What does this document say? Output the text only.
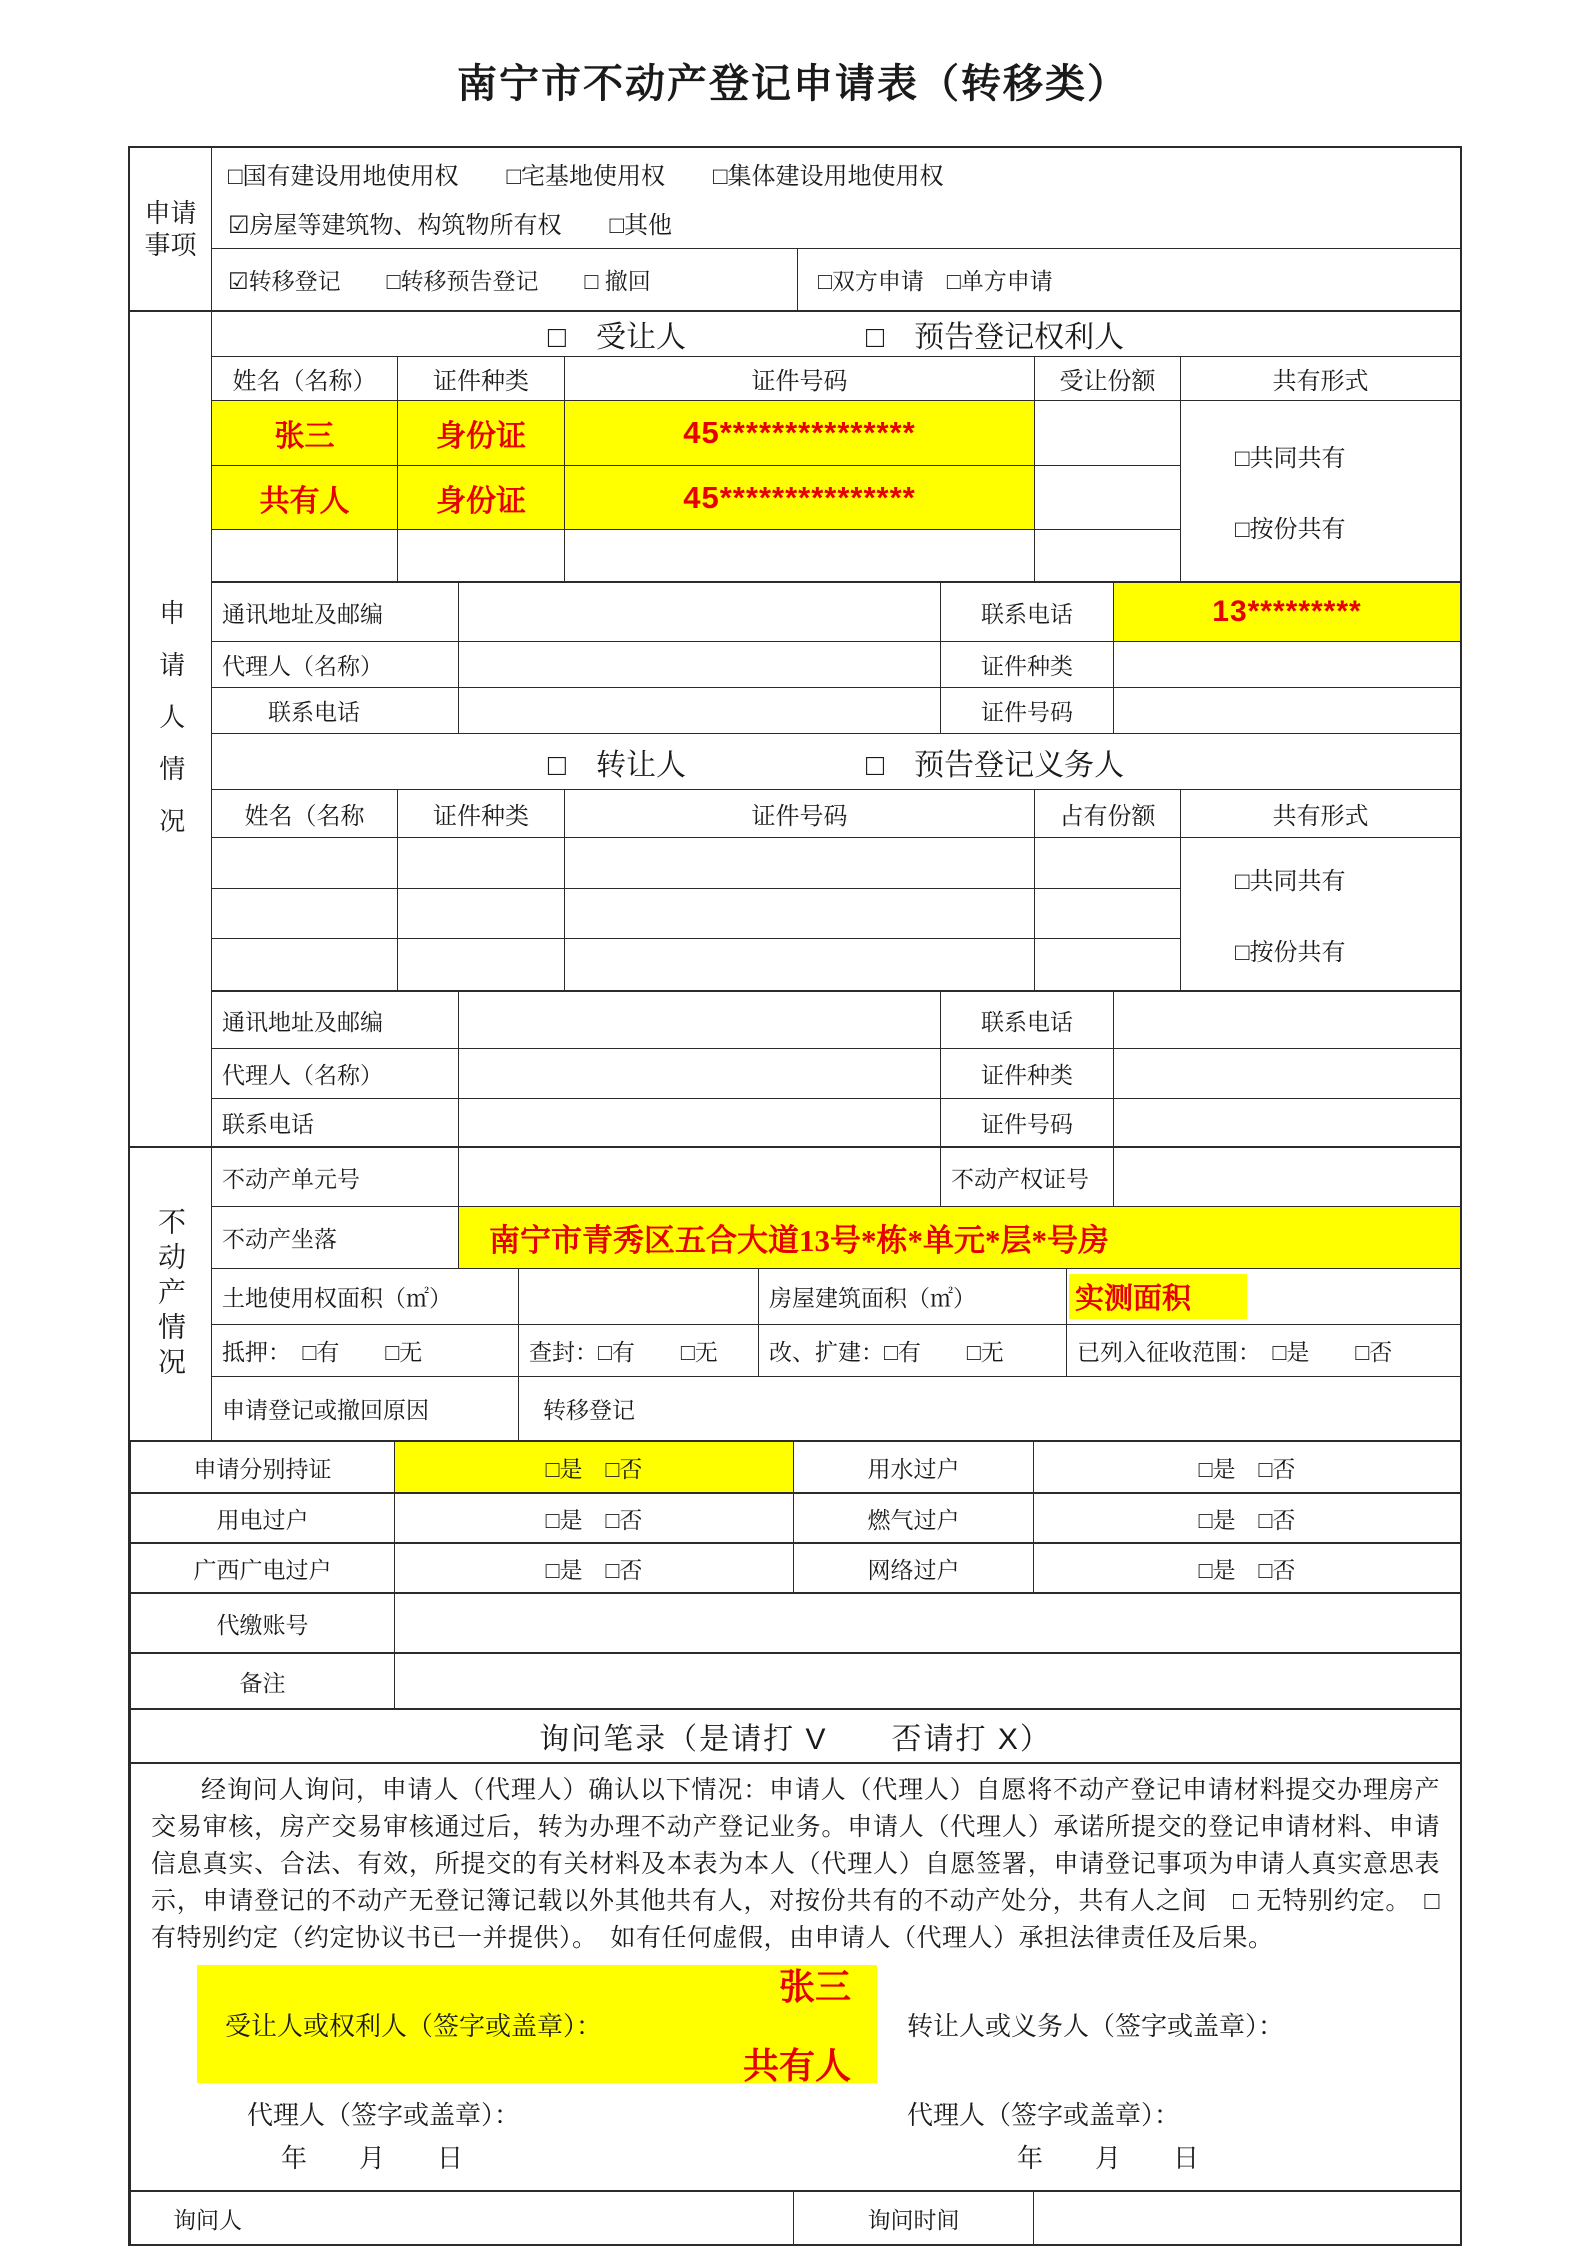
南宁市不动产登记申请表（转移类）
申请
事项
□国有建设用地使用权　　□宅基地使用权　　□集体建设用地使用权
☑房屋等建筑物、构筑物所有权　　□其他
☑转移登记　　□转移预告登记　　□ 撤回	□双方申请　□单方申请
申请人情况
□　受让人	□　预告登记权利人
姓名（名称）	证件种类	证件号码	受让份额	共有形式
张三	身份证	45***************
共有人	身份证	45***************
□共同共有
□按份共有
通讯地址及邮编	联系电话	13*********
代理人（名称）	证件种类
联系电话	证件号码
□　转让人	□　预告登记义务人
姓名（名称	证件种类	证件号码	占有份额	共有形式
□共同共有
□按份共有
通讯地址及邮编	联系电话
代理人（名称）	证件种类
联系电话	证件号码
不动产情况
不动产单元号	不动产权证号
不动产坐落	南宁市青秀区五合大道13号*栋*单元*层*号房
土地使用权面积（㎡）	房屋建筑面积（㎡）	实测面积
抵押：　□有　　□无	查封：□有　　□无	改、扩建：□有　　□无	已列入征收范围：　□是　　□否
申请登记或撤回原因	转移登记
申请分别持证	□是　□否	用水过户	□是　□否
用电过户	□是　□否	燃气过户	□是　□否
广西广电过户	□是　□否	网络过户	□是　□否
代缴账号
备注
询问笔录（是请打 V　　否请打 X）
经询问人询问，申请人（代理人）确认以下情况：申请人（代理人）自愿将不动产登记申请材料提交办理房产交易审核，房产交易审核通过后，转为办理不动产登记业务。申请人（代理人）承诺所提交的登记申请材料、申请信息真实、合法、有效，所提交的有关材料及本表为本人（代理人）自愿签署，申请登记事项为申请人真实意思表示，申请登记的不动产无登记簿记载以外其他共有人，对按份共有的不动产处分，共有人之间　□ 无特别约定。　□ 有特别约定（约定协议书已一并提供）。　如有任何虚假，由申请人（代理人）承担法律责任及后果。
受让人或权利人（签字或盖章）：
张三
共有人
转让人或义务人（签字或盖章）：
代理人（签字或盖章）：	代理人（签字或盖章）：
年　　月　　日	年　　月　　日
询问人	询问时间
